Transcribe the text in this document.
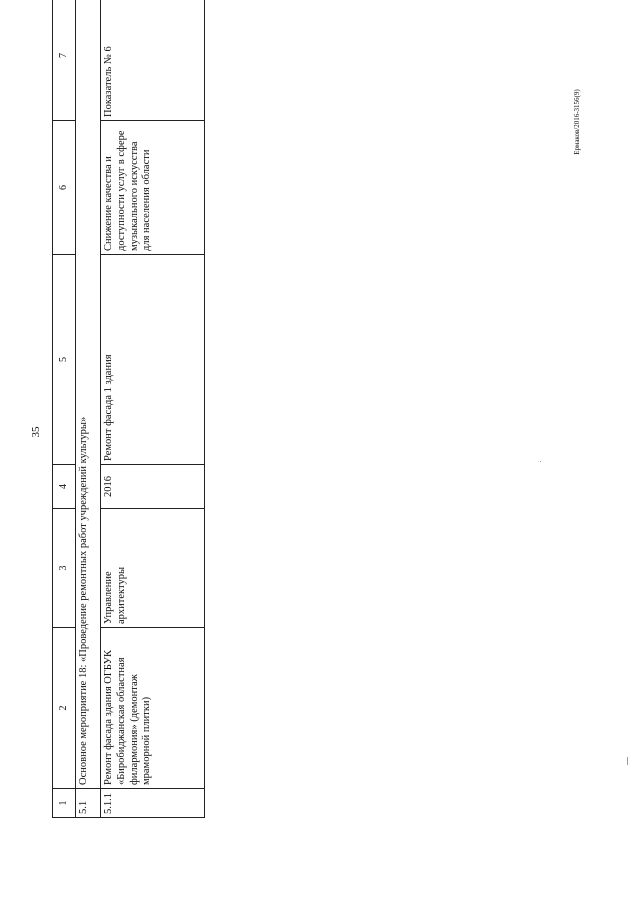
35
Ермаков/2016-3156(9)
1	2	3	4	5	6	7
5.1	Основное мероприятие 18: «Проведение ремонтных работ учреждений культуры»					
5.1.1	Ремонт фасада здания ОГБУК «Биробиджанская областная филармония» (демонтаж мраморной плитки)	Управление архитектуры	2016	Ремонт фасада 1 здания	Снижение качества и доступности услуг в сфере музыкального искусства для населения области	Показатель № 6
